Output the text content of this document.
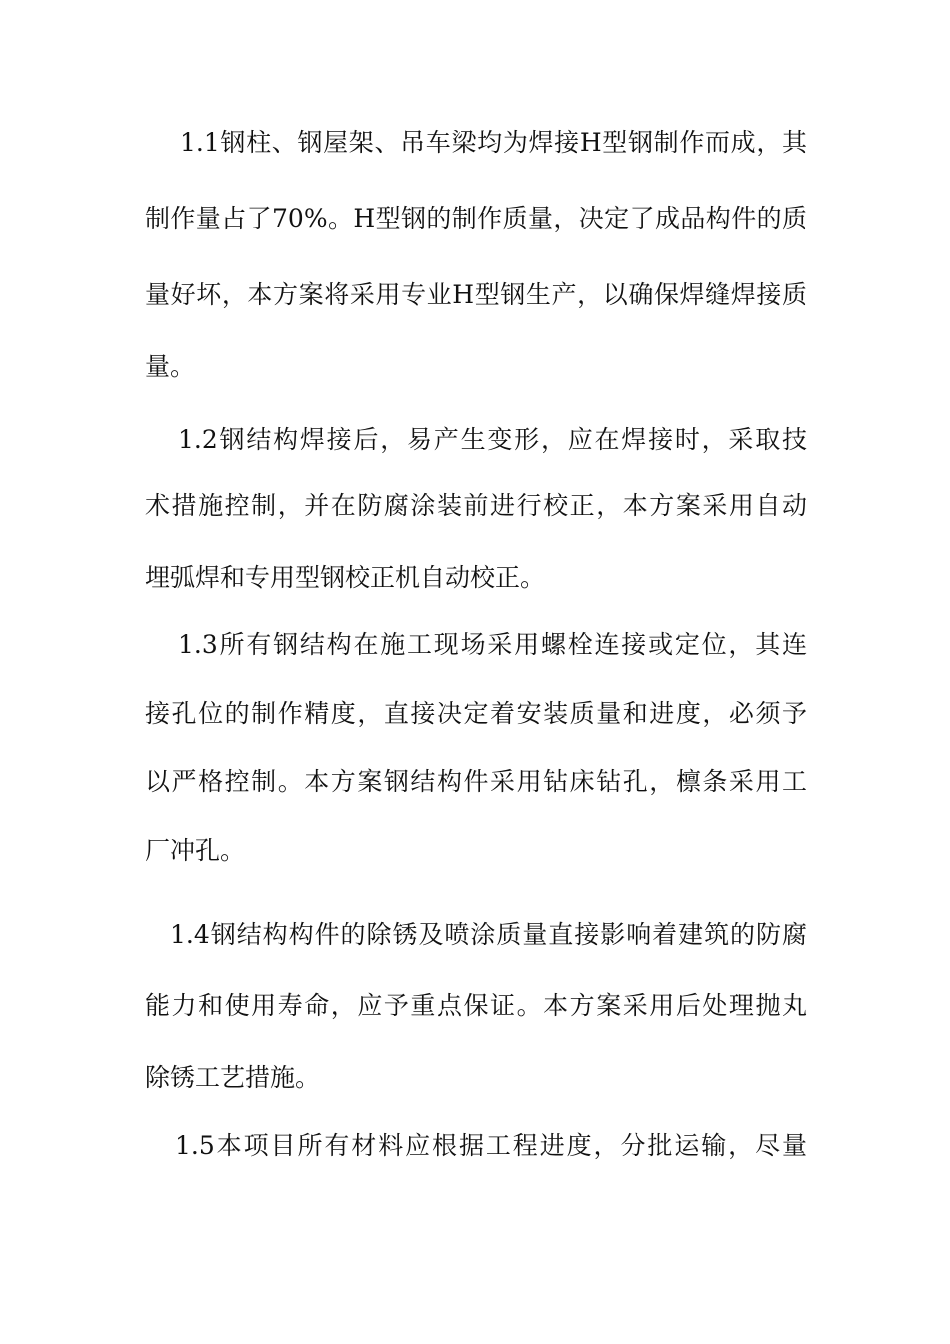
1.1钢柱、钢屋架、吊车梁均为焊接H型钢制作而成，其
制作量占了70%。H型钢的制作质量，决定了成品构件的质
量好坏，本方案将采用专业H型钢生产，以确保焊缝焊接质
量。
1.2钢结构焊接后，易产生变形，应在焊接时，采取技
术措施控制，并在防腐涂装前进行校正，本方案采用自动
埋弧焊和专用型钢校正机自动校正。
1.3所有钢结构在施工现场采用螺栓连接或定位，其连
接孔位的制作精度，直接决定着安装质量和进度，必须予
以严格控制。本方案钢结构件采用钻床钻孔，檩条采用工
厂冲孔。
1.4钢结构构件的除锈及喷涂质量直接影响着建筑的防腐
能力和使用寿命，应予重点保证。本方案采用后处理抛丸
除锈工艺措施。
1.5本项目所有材料应根据工程进度，分批运输，尽量
